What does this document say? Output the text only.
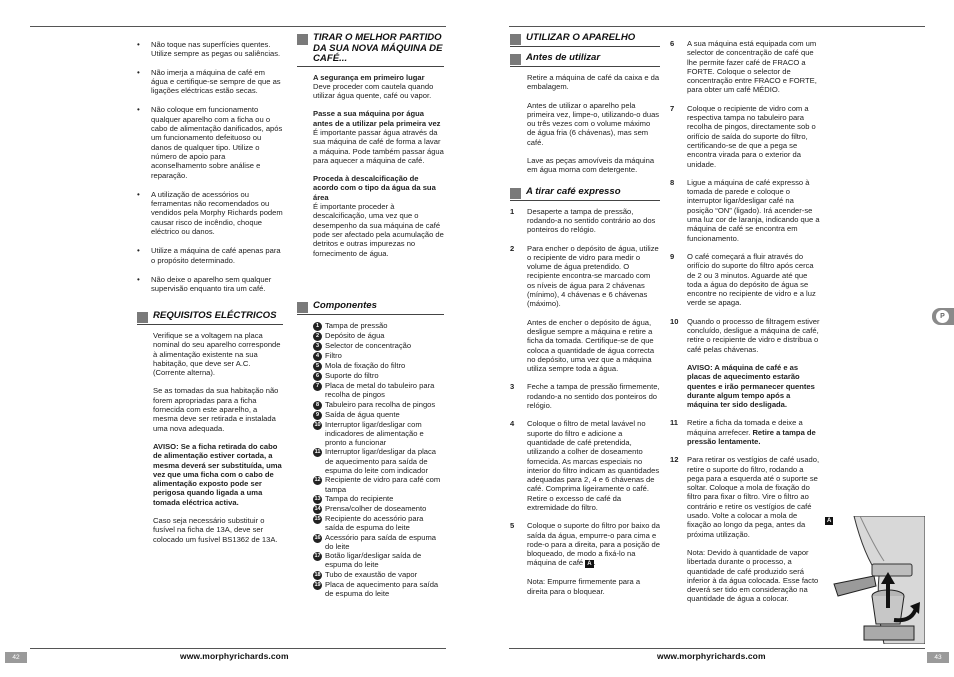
•	Não toque nas superfícies quentes. Utilize sempre as pegas ou saliências.
•	Não imerja a máquina de café em água e certifique-se sempre de que as ligações eléctricas estão secas.
•	Não coloque em funcionamento qualquer aparelho com a ficha ou o cabo de alimentação danificados, após um funcionamento defeituoso ou danos de qualquer tipo. Utilize o número de apoio para aconselhamento sobre análise e reparação.
•	A utilização de acessórios ou ferramentas não recomendados ou vendidos pela Morphy Richards podem causar risco de incêndio, choque eléctrico ou danos.
•	Utilize a máquina de café apenas para o propósito determinado.
•	Não deixe o aparelho sem qualquer supervisão enquanto tira um café.
REQUISITOS ELÉCTRICOS

Verifique se a voltagem na placa nominal do seu aparelho corresponde à alimentação existente na sua habitação, que deve ser A.C. (Corrente alterna).

Se as tomadas da sua habitação não forem apropriadas para a ficha fornecida com este aparelho, a mesma deve ser retirada e instalada uma nova adequada.

AVISO: Se a ficha retirada do cabo de alimentação estiver cortada, a mesma deverá ser substituída, uma vez que uma ficha com o cabo de alimentação exposto pode ser perigosa quando ligada a uma tomada eléctrica activa.

Caso seja necessário substituir o fusível na ficha de 13A, deve ser colocado um fusível BS1362 de 13A.

TIRAR O MELHOR PARTIDO DA SUA NOVA MÁQUINA DE CAFÉ...
A segurança em primeiro lugar

Deve proceder com cautela quando utilizar água quente, café ou vapor.

Passe a sua máquina por água antes de a utilizar pela primeira vez

É importante passar água através da sua máquina de café de forma a lavar a máquina. Pode também passar água para aquecer a máquina de café.

Proceda à descalcificação de acordo com o tipo da água da sua área

É importante proceder à descalcificação, uma vez que o desempenho da sua máquina de café pode ser afectado pela acumulação de detritos e outras impurezas no fornecimento de água.

Componentes
1 Tampa de pressão
2 Depósito de água
3 Selector de concentração
4 Filtro
5 Mola de fixação do filtro
6 Suporte do filtro
7 Placa de metal do tabuleiro para recolha de pingos
8 Tabuleiro para recolha de pingos
9 Saída de água quente
10 Interruptor ligar/desligar com indicadores de alimentação e pronto a funcionar
11 Interruptor ligar/desligar da placa de aquecimento para saída de espuma do leite com indicador
12 Recipiente de vidro para café com tampa
13 Tampa do recipiente
14 Prensa/colher de doseamento
15 Recipiente do acessório para saída de espuma do leite
16 Acessório para saída de espuma do leite
17 Botão ligar/desligar saída de espuma do leite
18 Tubo de exaustão de vapor
19 Placa de aquecimento para saída de espuma do leite
UTILIZAR O APARELHO
Antes de utilizar

Retire a máquina de café da caixa e da embalagem.

Antes de utilizar o aparelho pela primeira vez, limpe-o, utilizando-o duas ou três vezes com o volume máximo de água fria (6 chávenas), mas sem café.

Lave as peças amovíveis da máquina em água morna com detergente.

A tirar café expresso
1	Desaperte a tampa de pressão, rodando-a no sentido contrário ao dos ponteiros do relógio.

2	Para encher o depósito de água, utilize o recipiente de vidro para medir o volume de água pretendido. O recipiente encontra-se marcado com os níveis de água para 2 chávenas (mínimo), 4 chávenas e 6 chávenas (máximo).

Antes de encher o depósito de água, desligue sempre a máquina e retire a ficha da tomada. Certifique-se de que coloca a quantidade de água correcta no depósito, uma vez que a máquina utiliza sempre toda a água.

3	Feche a tampa de pressão firmemente, rodando-a no sentido dos ponteiros do relógio.

4	Coloque o filtro de metal lavável no suporte do filtro e adicione a quantidade de café pretendida, utilizando a colher de doseamento fornecida. As marcas especiais no interior do filtro indicam as quantidades adequadas para 2, 4 e 6 chávenas de café. Comprima ligeiramente o café. Retire o excesso de café da extremidade do filtro.

5	Coloque o suporte do filtro por baixo da saída da água, empurre-o para cima e rode-o para a direita, para a posição de bloqueado, de modo a fixá-lo na máquina de café A .

Nota: Empurre firmemente para a direita para o bloquear.

6	A sua máquina está equipada com um selector de concentração de café que lhe permite fazer café de FRACO a FORTE. Coloque o selector de concentração entre FRACO e FORTE, para obter um café MÉDIO.

7	Coloque o recipiente de vidro com a respectiva tampa no tabuleiro para recolha de pingos, directamente sob o orifício de saída do suporte do filtro, certificando-se de que a pega se encontra virada para o exterior da unidade.

8	Ligue a máquina de café expresso à tomada de parede e coloque o interruptor ligar/desligar café na posição “ON” (ligado). Irá acender-se uma luz cor de laranja, indicando que a máquina de café se encontra em funcionamento.

9	O café começará a fluir através do orifício do suporte do filtro após cerca de 2 ou 3 minutos. Aguarde até que toda a água do depósito de água se encontre no recipiente de vidro e a luz verde se apaga.

10	Quando o processo de filtragem estiver concluído, desligue a máquina de café, retire o recipiente de vidro e distribua o café pelas chávenas.

AVISO: A máquina de café e as placas de aquecimento estarão quentes e irão permanecer quentes durante algum tempo após a máquina ter sido desligada.

11	Retire a ficha da tomada e deixe a máquina arrefecer. Retire a tampa de pressão lentamente.
12	Para retirar os vestígios de café usado, retire o suporte do filtro, rodando a pega para a esquerda até o suporte se soltar. Coloque a mola de fixação do filtro para fixar o filtro. Vire o filtro ao contrário e retire os vestígios de café usado. Volte a colocar a mola de fixação ao longo da pega, antes da próxima utilização.

Nota: Devido à quantidade de vapor libertada durante o processo, a quantidade de café produzido será inferior à da água colocada. Esse facto deverá ser tido em consideração na quantidade de água a colocar.

A
P
42	www.morphyrichards.com	www.morphyrichards.com	43
